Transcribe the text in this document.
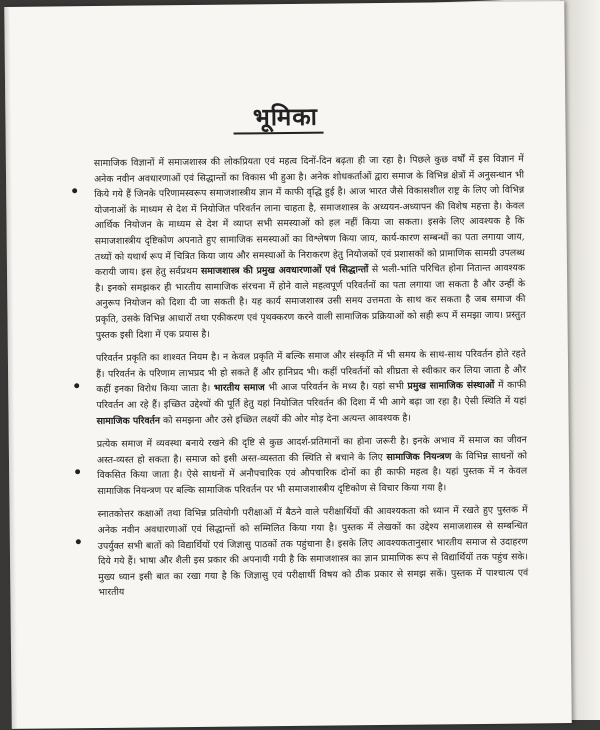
भूमिका

सामाजिक विज्ञानों में समाजशास्त्र की लोकप्रियता एवं महत्व दिनों-दिन बढ़ता ही जा रहा है। पिछले कुछ वर्षों में इस विज्ञान में अनेक नवीन अवधारणाओं एवं सिद्धान्तों का विकास भी हुआ है। अनेक शोधकर्ताओं द्वारा समाज के विभिन्न क्षेत्रों में अनुसन्धान भी किये गये हैं जिनके परिणामस्वरूप समाजशास्त्रीय ज्ञान में काफी वृद्धि हुई है। आज भारत जैसे विकासशील राष्ट्र के लिए जो विभिन्न योजनाओं के माध्यम से देश में नियोजित परिवर्तन लाना चाहता है, समाजशास्त्र के अध्ययन-अध्यापन की विशेष महत्ता है। केवल आर्थिक नियोजन के माध्यम से देश में व्याप्त सभी समस्याओं को हल नहीं किया जा सकता। इसके लिए आवश्यक है कि समाजशास्त्रीय दृष्टिकोण अपनाते हुए सामाजिक समस्याओं का विश्लेषण किया जाय, कार्य-कारण सम्बन्धों का पता लगाया जाय, तथ्यों को यथार्थ रूप में चित्रित किया जाय और समस्याओं के निराकरण हेतु नियोजकों एवं प्रशासकों को प्रामाणिक सामग्री उपलब्ध करायी जाय। इस हेतु सर्वप्रथम समाजशास्त्र की प्रमुख अवधारणाओं एवं सिद्धान्तों से भली-भांति परिचित होना नितान्त आवश्यक है। इनको समझकर ही भारतीय सामाजिक संरचना में होने वाले महत्वपूर्ण परिवर्तनों का पता लगाया जा सकता है और उन्हीं के अनुरूप नियोजन को दिशा दी जा सकती है। यह कार्य समाजशास्त्र उसी समय उत्तमता के साथ कर सकता है जब समाज की प्रकृति, उसके विभिन्न आधारों तथा एकीकरण एवं पृथक्करण करने वाली सामाजिक प्रक्रियाओं को सही रूप में समझा जाय। प्रस्तुत पुस्तक इसी दिशा में एक प्रयास है।

परिवर्तन प्रकृति का शाश्वत नियम है। न केवल प्रकृति में बल्कि समाज और संस्कृति में भी समय के साथ-साथ परिवर्तन होते रहते हैं। परिवर्तन के परिणाम लाभप्रद भी हो सकते हैं और हानिप्रद भी। कहीं परिवर्तनों को शीघ्रता से स्वीकार कर लिया जाता है और कहीं इनका विरोध किया जाता है। भारतीय समाज भी आज परिवर्तन के मध्य है। यहां सभी प्रमुख सामाजिक संस्थाओं में काफी परिवर्तन आ रहे हैं। इच्छित उद्देश्यों की पूर्ति हेतु यहां नियोजित परिवर्तन की दिशा में भी आगे बढ़ा जा रहा है। ऐसी स्थिति में यहां सामाजिक परिवर्तन को समझना और उसे इच्छित लक्ष्यों की ओर मोड़ देना अत्यन्त आवश्यक है।

प्रत्येक समाज में व्यवस्था बनाये रखने की दृष्टि से कुछ आदर्श-प्रतिमानों का होना जरूरी है। इनके अभाव में समाज का जीवन अस्त-व्यस्त हो सकता है। समाज को इसी अस्त-व्यस्तता की स्थिति से बचाने के लिए सामाजिक नियन्त्रण के विभिन्न साधनों को विकसित किया जाता है। ऐसे साधनों में अनौपचारिक एवं औपचारिक दोनों का ही काफी महत्व है। यहां पुस्तक में न केवल सामाजिक नियन्त्रण पर बल्कि सामाजिक परिवर्तन पर भी समाजशास्त्रीय दृष्टिकोण से विचार किया गया है।

स्नातकोत्तर कक्षाओं तथा विभिन्न प्रतियोगी परीक्षाओं में बैठने वाले परीक्षार्थियों की आवश्यकता को ध्यान में रखते हुए पुस्तक में अनेक नवीन अवधारणाओं एवं सिद्धान्तों को सम्मिलित किया गया है। पुस्तक में लेखकों का उद्देश्य समाजशास्त्र से सम्बन्धित उपर्युक्त सभी बातों को विद्यार्थियों एवं जिज्ञासु पाठकों तक पहुंचाना है। इसके लिए आवश्यकतानुसार भारतीय समाज से उदाहरण दिये गये हैं। भाषा और शैली इस प्रकार की अपनायी गयी है कि समाजशास्त्र का ज्ञान प्रामाणिक रूप से विद्यार्थियों तक पहुंच सके। मुख्य ध्यान इसी बात का रखा गया है कि जिज्ञासु एवं परीक्षार्थी विषय को ठीक प्रकार से समझ सकें। पुस्तक में पाश्चात्य एवं भारतीय
